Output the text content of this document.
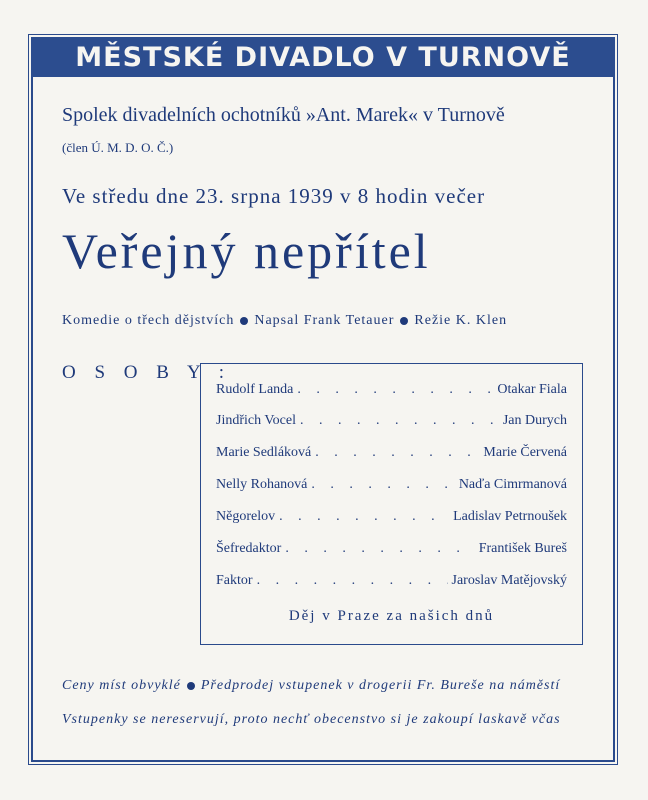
MĚSTSKÉ DIVADLO V TURNOVĚ
Spolek divadelních ochotníků »Ant. Marek« v Turnově
(člen Ú. M. D. O. Č.)
Ve středu dne 23. srpna 1939 v 8 hodin večer
Veřejný nepřítel
Komedie o třech dějstvích Napsal Frank Tetauer Režie K. Klen
O S O B Y :
Rudolf Landa . . .	Otakar Fiala
Jindřich Vocel . . .	Jan Durych
Marie Sedláková . . .	Marie Červená
Nelly Rohanová . . .	Naďa Cimrmanová
Nĕgorelov . . .	Ladislav Petrnoušek
Šefredaktor . . .	František Bureš
Faktor . . .	Jaroslav Matějovský
Děj v Praze za našich dnů
Ceny míst obvyklé Předprodej vstupenek v drogerii Fr. Bureše na náměstí
Vstupenky se nereservují, proto nechť obecenstvo si je zakoupí laskavě včas
